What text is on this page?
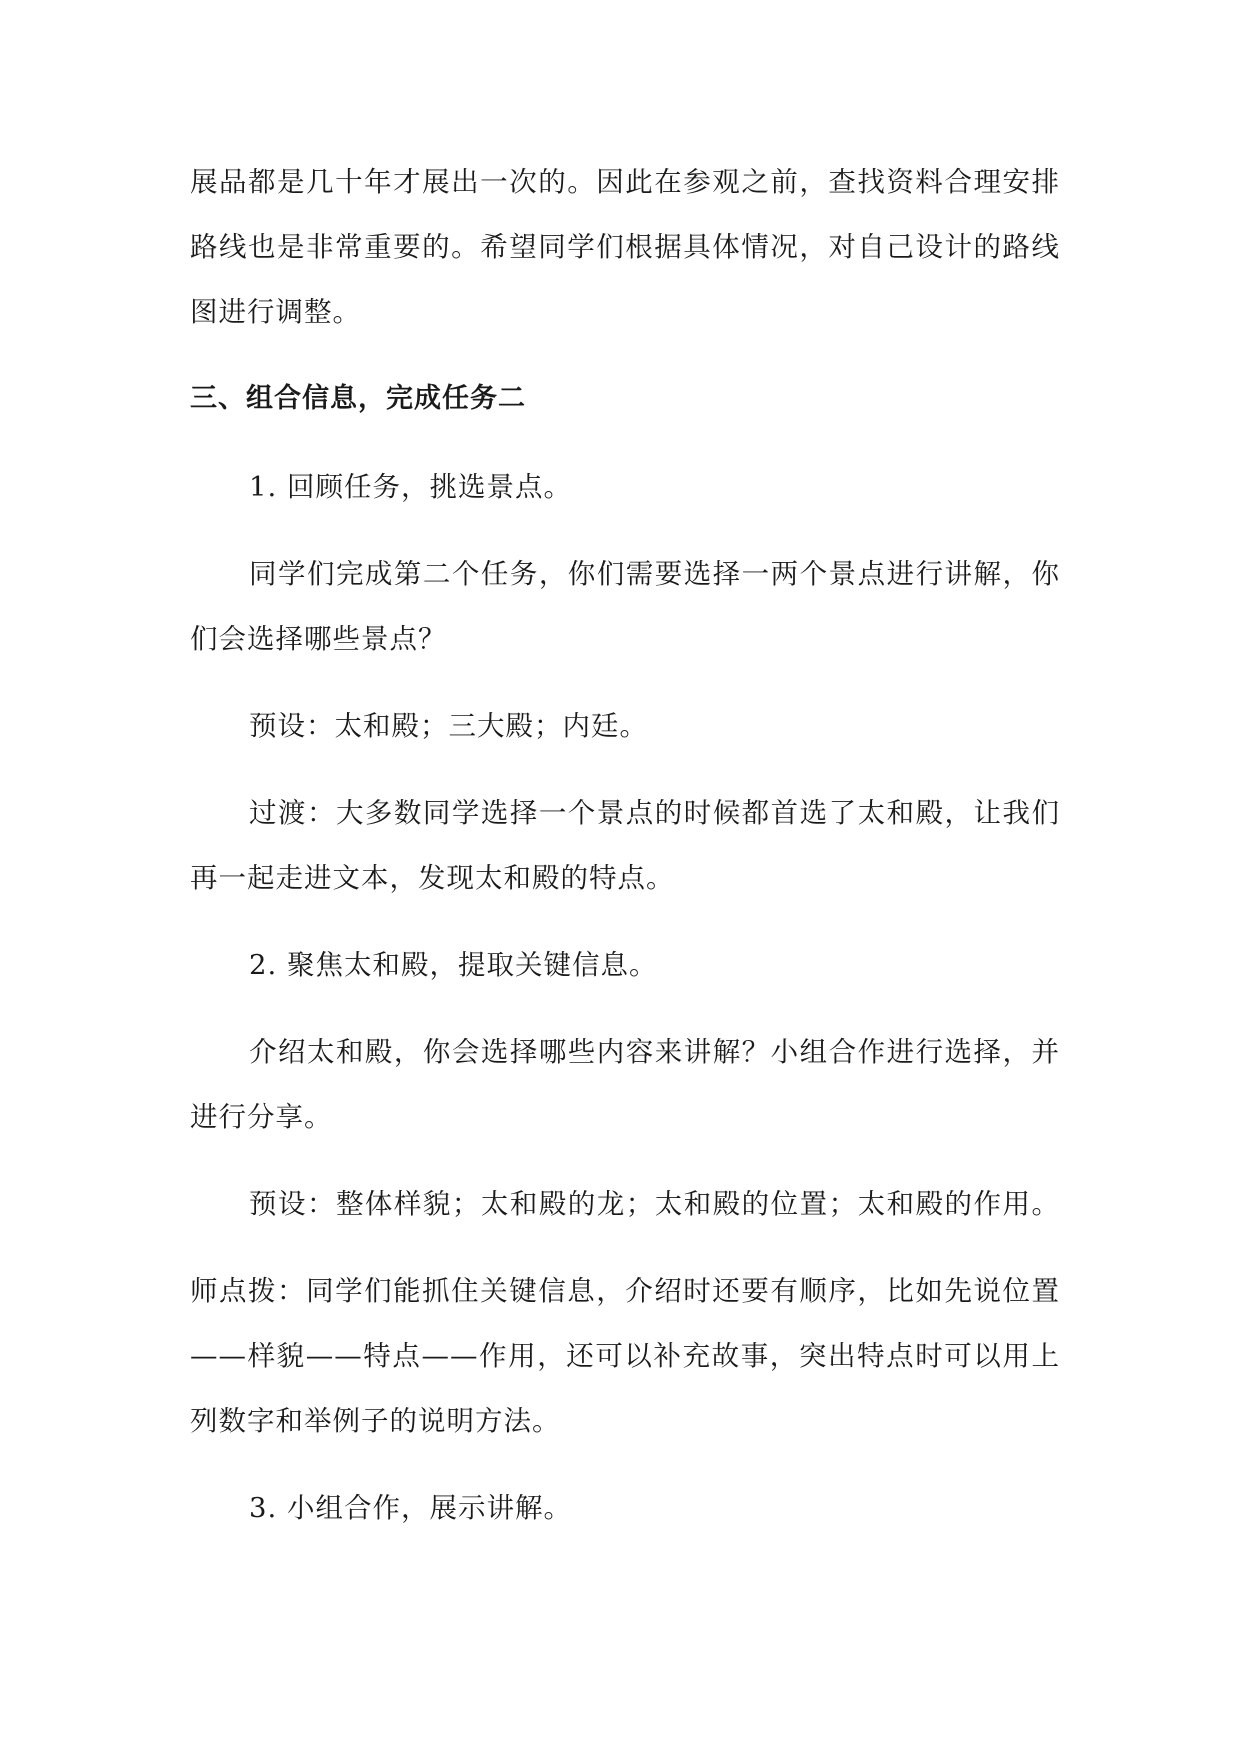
展品都是几十年才展出一次的。因此在参观之前，查找资料合理安排
路线也是非常重要的。希望同学们根据具体情况，对自己设计的路线
图进行调整。
三、组合信息，完成任务二
1. 回顾任务，挑选景点。
同学们完成第二个任务，你们需要选择一两个景点进行讲解，你
们会选择哪些景点？
预设：太和殿；三大殿；内廷。
过渡：大多数同学选择一个景点的时候都首选了太和殿，让我们
再一起走进文本，发现太和殿的特点。
2. 聚焦太和殿，提取关键信息。
介绍太和殿，你会选择哪些内容来讲解？小组合作进行选择，并
进行分享。
预设：整体样貌；太和殿的龙；太和殿的位置；太和殿的作用。
师点拨：同学们能抓住关键信息，介绍时还要有顺序，比如先说位置
——样貌——特点——作用，还可以补充故事，突出特点时可以用上
列数字和举例子的说明方法。
3. 小组合作，展示讲解。
